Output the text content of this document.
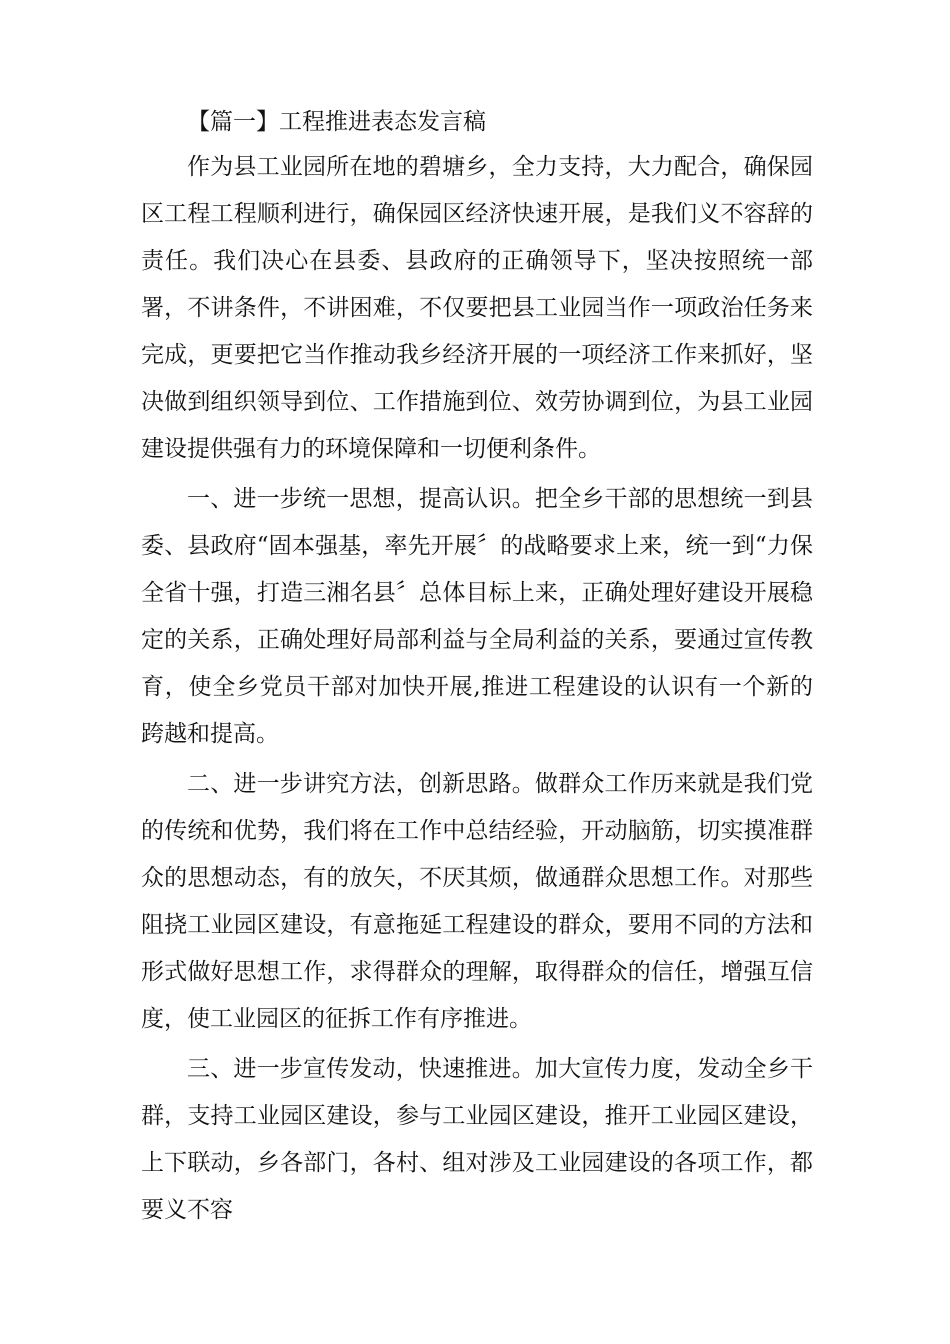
【篇一】工程推进表态发言稿

作为县工业园所在地的碧塘乡，全力支持，大力配合，确保园区工程工程顺利进行，确保园区经济快速开展，是我们义不容辞的责任。我们决心在县委、县政府的正确领导下，坚决按照统一部署，不讲条件，不讲困难，不仅要把县工业园当作一项政治任务来完成，更要把它当作推动我乡经济开展的一项经济工作来抓好，坚决做到组织领导到位、工作措施到位、效劳协调到位，为县工业园建设提供强有力的环境保障和一切便利条件。

一、进一步统一思想，提高认识。把全乡干部的思想统一到县委、县政府“固本强基，率先开展〞的战略要求上来，统一到“力保全省十强，打造三湘名县〞总体目标上来，正确处理好建设开展稳定的关系，正确处理好局部利益与全局利益的关系，要通过宣传教育，使全乡党员干部对加快开展,推进工程建设的认识有一个新的跨越和提高。

二、进一步讲究方法，创新思路。做群众工作历来就是我们党的传统和优势，我们将在工作中总结经验，开动脑筋，切实摸准群众的思想动态，有的放矢，不厌其烦，做通群众思想工作。对那些阻挠工业园区建设，有意拖延工程建设的群众，要用不同的方法和形式做好思想工作，求得群众的理解，取得群众的信任，增强互信度，使工业园区的征拆工作有序推进。

三、进一步宣传发动，快速推进。加大宣传力度，发动全乡干群，支持工业园区建设，参与工业园区建设，推开工业园区建设，上下联动，乡各部门，各村、组对涉及工业园建设的各项工作，都要义不容
